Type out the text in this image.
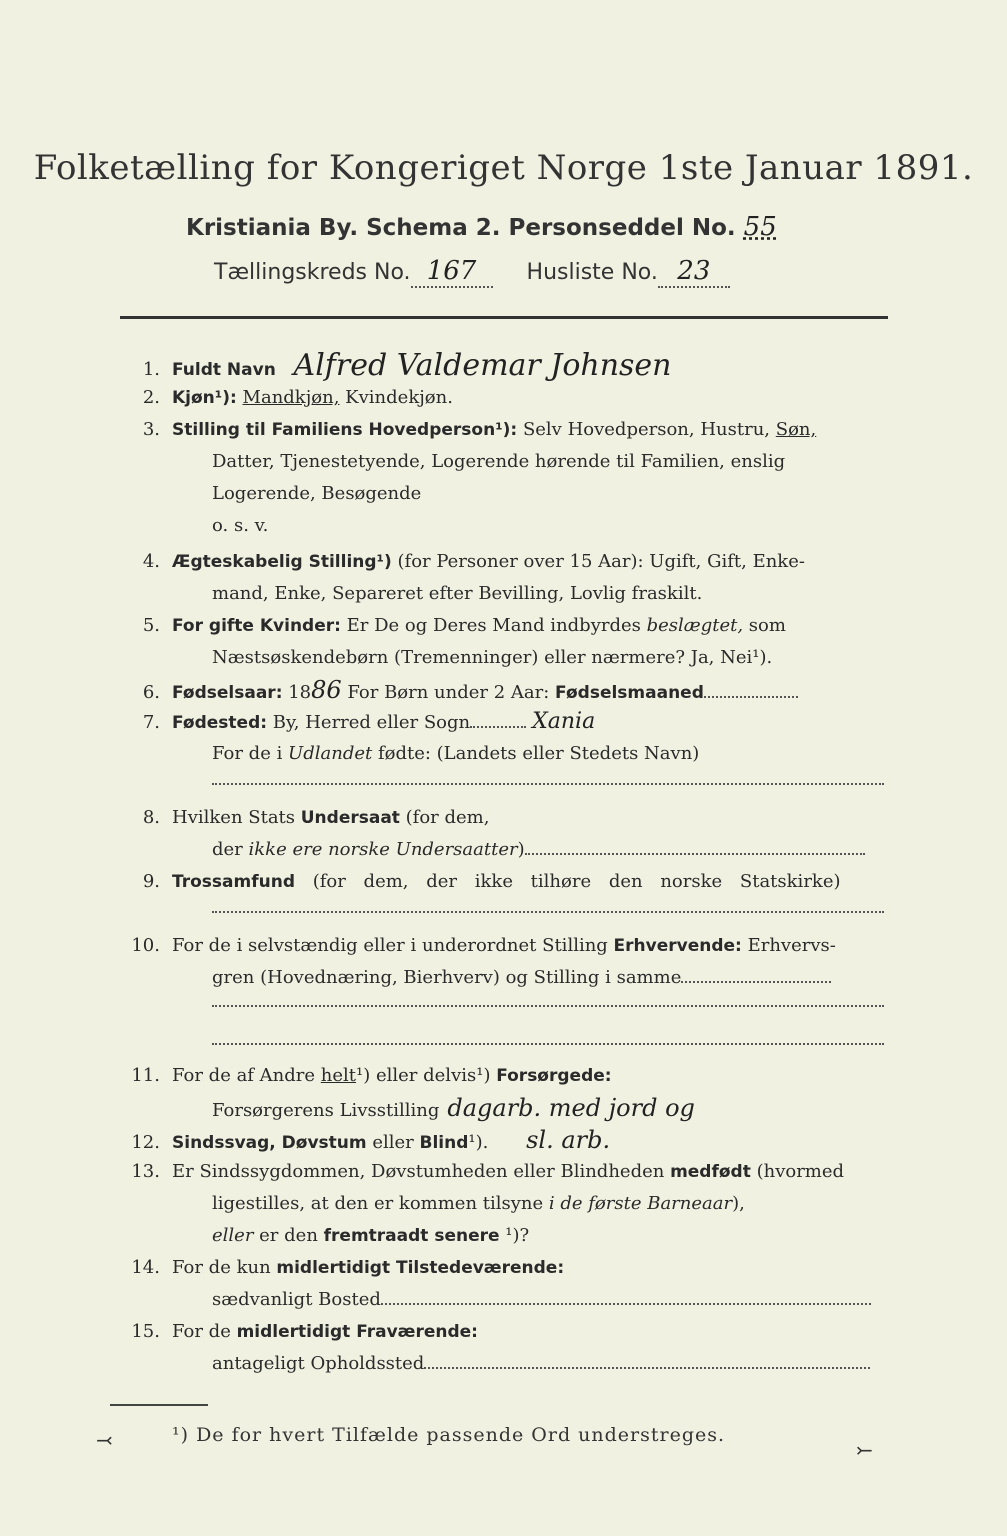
Folketælling for Kongeriget Norge 1ste Januar 1891.
Kristiania By. Schema 2. Personseddel No. 55
Tællingskreds No. 167 Husliste No. 23
1. Fuldt Navn Alfred Valdemar Johnsen
2. Kjøn¹): Mandkjøn, Kvindekjøn.
3. Stilling til Familiens Hovedperson¹): Selv Hovedperson, Hustru, Søn,
Datter, Tjenestetyende, Logerende hørende til Familien, enslig
Logerende, Besøgende
o. s. v.
4. Ægteskabelig Stilling¹) (for Personer over 15 Aar): Ugift, Gift, Enke-
mand, Enke, Separeret efter Bevilling, Lovlig fraskilt.
5. For gifte Kvinder: Er De og Deres Mand indbyrdes beslægtet, som
Næstsøskendebørn (Tremenninger) eller nærmere? Ja, Nei¹).
6. Fødselsaar: 1886 For Børn under 2 Aar: Fødselsmaaned
7. Fødested: By, Herred eller Sogn	Xania
For de i Udlandet fødte: (Landets eller Stedets Navn)
8. Hvilken Stats Undersaat (for dem,
der ikke ere norske Undersaatter)
9. Trossamfund (for dem, der ikke tilhøre den norske Statskirke)
10. For de i selvstændig eller i underordnet Stilling Erhvervende: Erhvervs-
gren (Hovednæring, Bierhverv) og Stilling i samme
11. For de af Andre helt¹) eller delvis¹) Forsørgede:
Forsørgerens Livsstilling dagarb. med jord og
12. Sindssvag, Døvstum eller Blind¹). sl. arb.
13. Er Sindssygdommen, Døvstumheden eller Blindheden medfødt (hvormed
ligestilles, at den er kommen tilsyne i de første Barneaar),
eller er den fremtraadt senere ¹)?
14. For de kun midlertidigt Tilstedeværende:
sædvanligt Bosted
15. For de midlertidigt Fraværende:
antageligt Opholdssted
¹) De for hvert Tilfælde passende Ord understreges.
⤙	⤚
